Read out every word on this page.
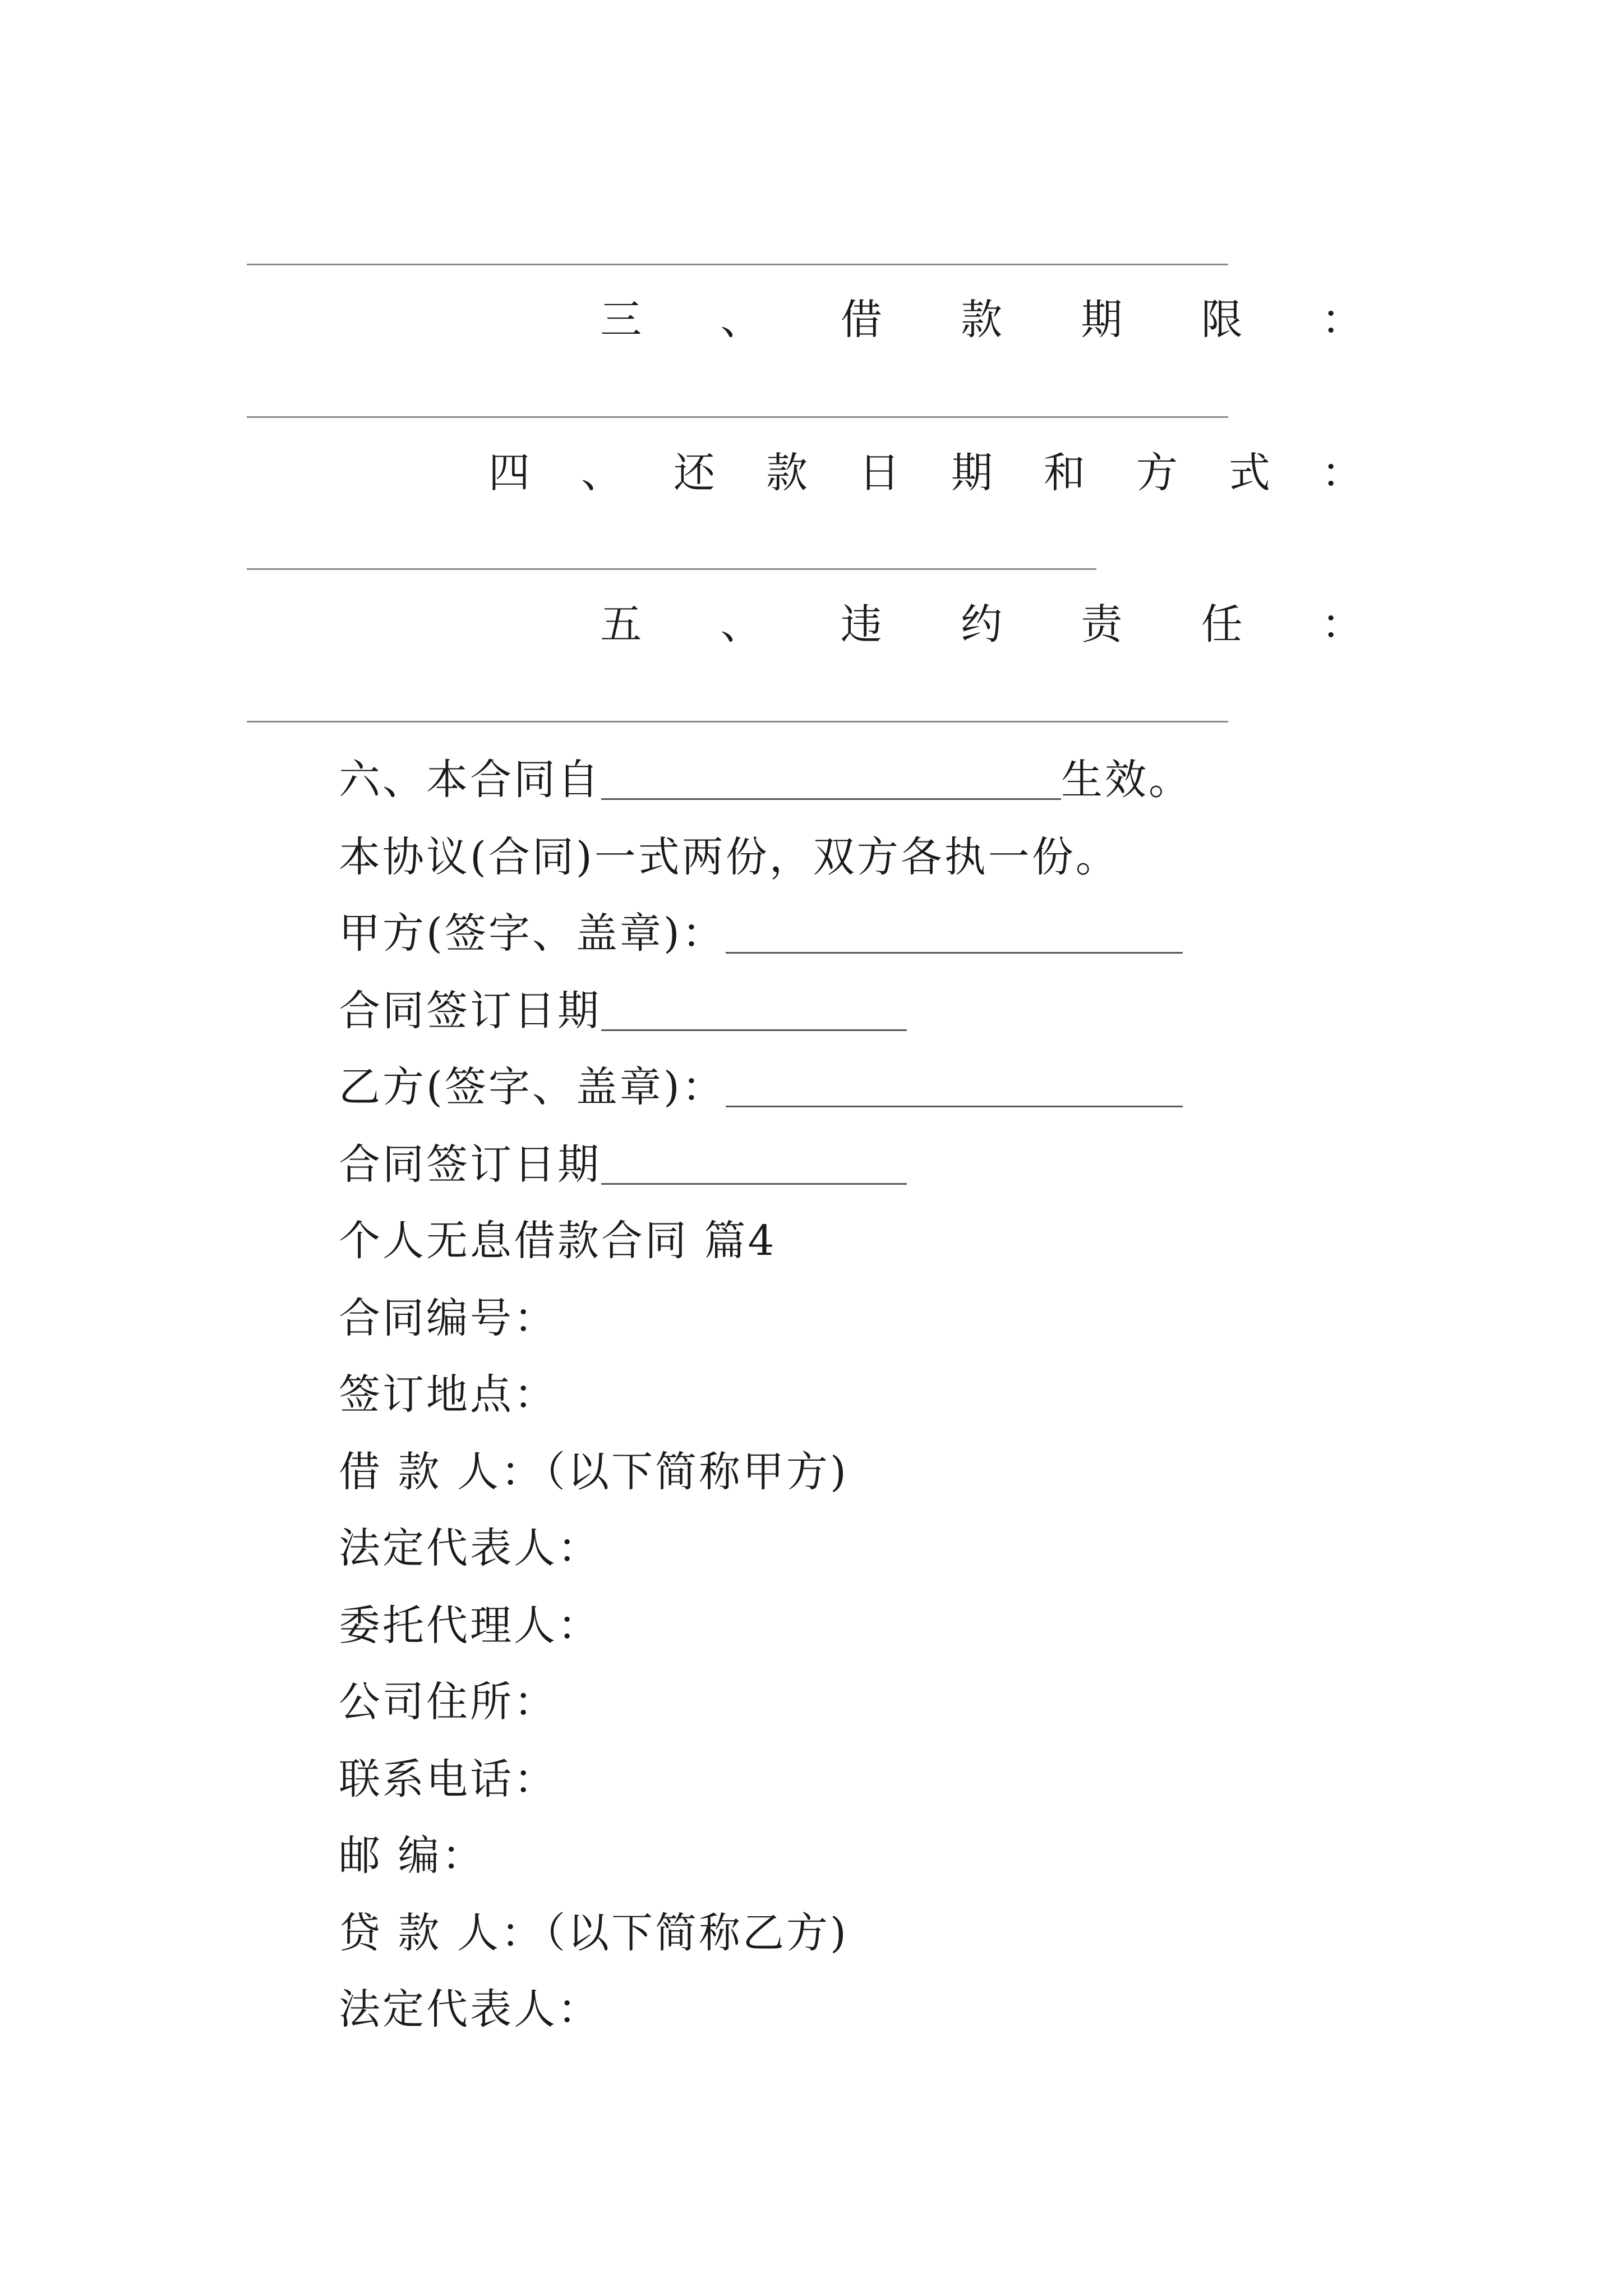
三 、 借 款 期 限 ：
四 、 还 款 日 期 和 方 式 ：
五 、 违 约 责 任 ：
六、本合同自	生效。
本协议(合同)一式两份，双方各执一份。
甲方(签字、盖章)：
合同签订日期
乙方(签字、盖章)：
合同签订日期
个人无息借款合同 篇4
合同编号：
签订地点：
借 款 人：（以下简称甲方)
法定代表人：
委托代理人：
公司住所：
联系电话：
邮 编：
贷 款 人：（以下简称乙方)
法定代表人：
